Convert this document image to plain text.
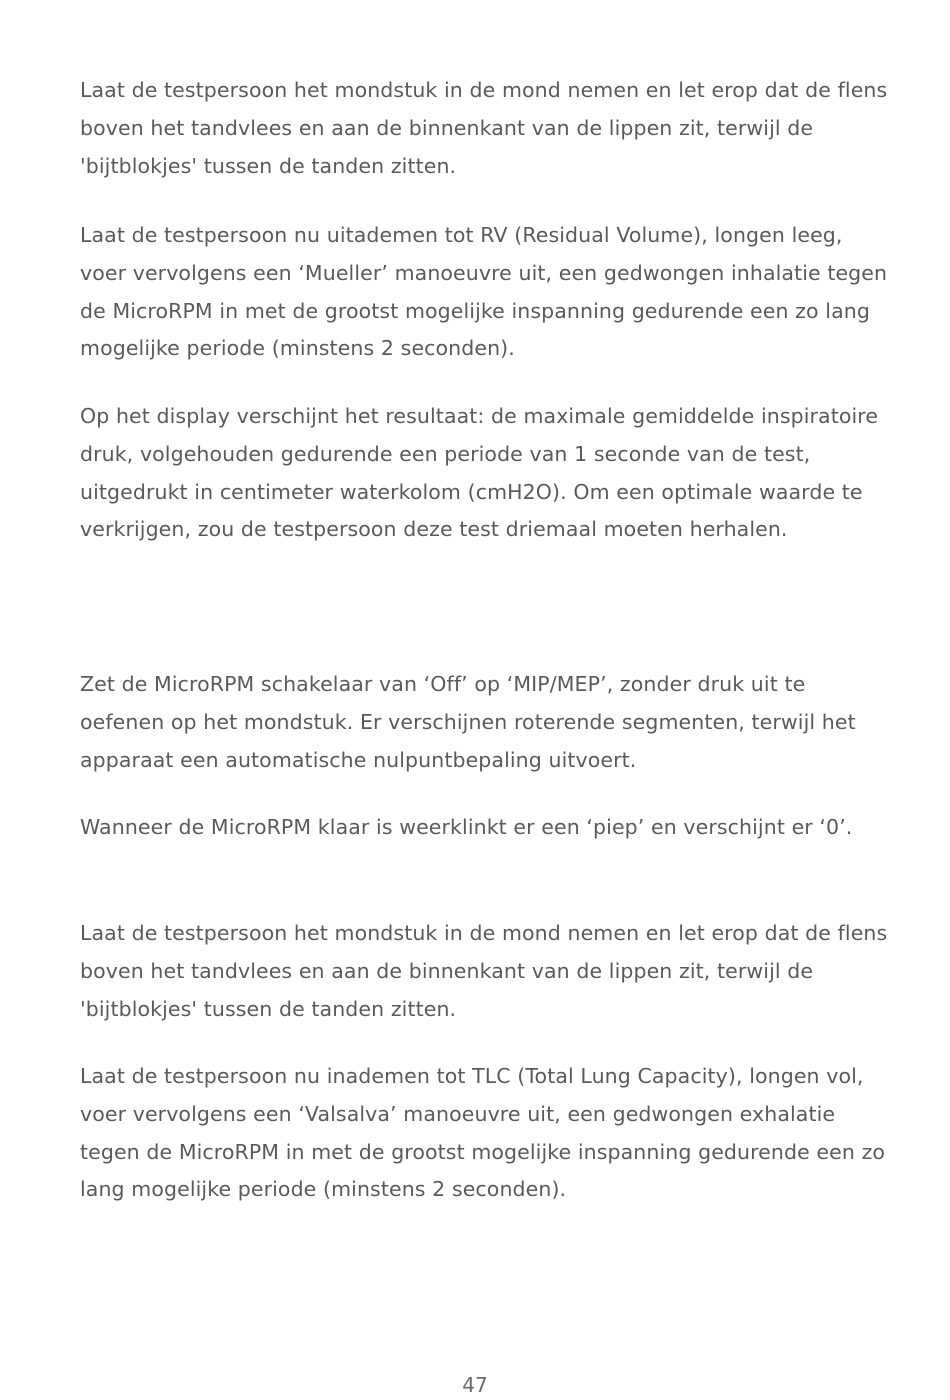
Laat de testpersoon het mondstuk in de mond nemen en let erop dat de flens boven het tandvlees en aan de binnenkant van de lippen zit, terwijl de 'bijtblokjes' tussen de tanden zitten.

Laat de testpersoon nu uitademen tot RV (Residual Volume), longen leeg, voer vervolgens een ‘Mueller’ manoeuvre uit, een gedwongen inhalatie tegen de MicroRPM in met de grootst mogelijke inspanning gedurende een zo lang mogelijke periode (minstens 2 seconden).

Op het display verschijnt het resultaat: de maximale gemiddelde inspiratoire druk, volgehouden gedurende een periode van 1 seconde van de test, uitgedrukt in centimeter waterkolom (cmH2O). Om een optimale waarde te verkrijgen, zou de testpersoon deze test driemaal moeten herhalen.

Zet de MicroRPM schakelaar van ‘Off’ op ‘MIP/MEP’, zonder druk uit te oefenen op het mondstuk. Er verschijnen roterende segmenten, terwijl het apparaat een automatische nulpuntbepaling uitvoert.

Wanneer de MicroRPM klaar is weerklinkt er een ‘piep’ en verschijnt er ‘0’.

Laat de testpersoon het mondstuk in de mond nemen en let erop dat de flens boven het tandvlees en aan de binnenkant van de lippen zit, terwijl de 'bijtblokjes' tussen de tanden zitten.

Laat de testpersoon nu inademen tot TLC (Total Lung Capacity), longen vol, voer vervolgens een ‘Valsalva’ manoeuvre uit, een gedwongen exhalatie tegen de MicroRPM in met de grootst mogelijke inspanning gedurende een zo lang mogelijke periode (minstens 2 seconden).

47
